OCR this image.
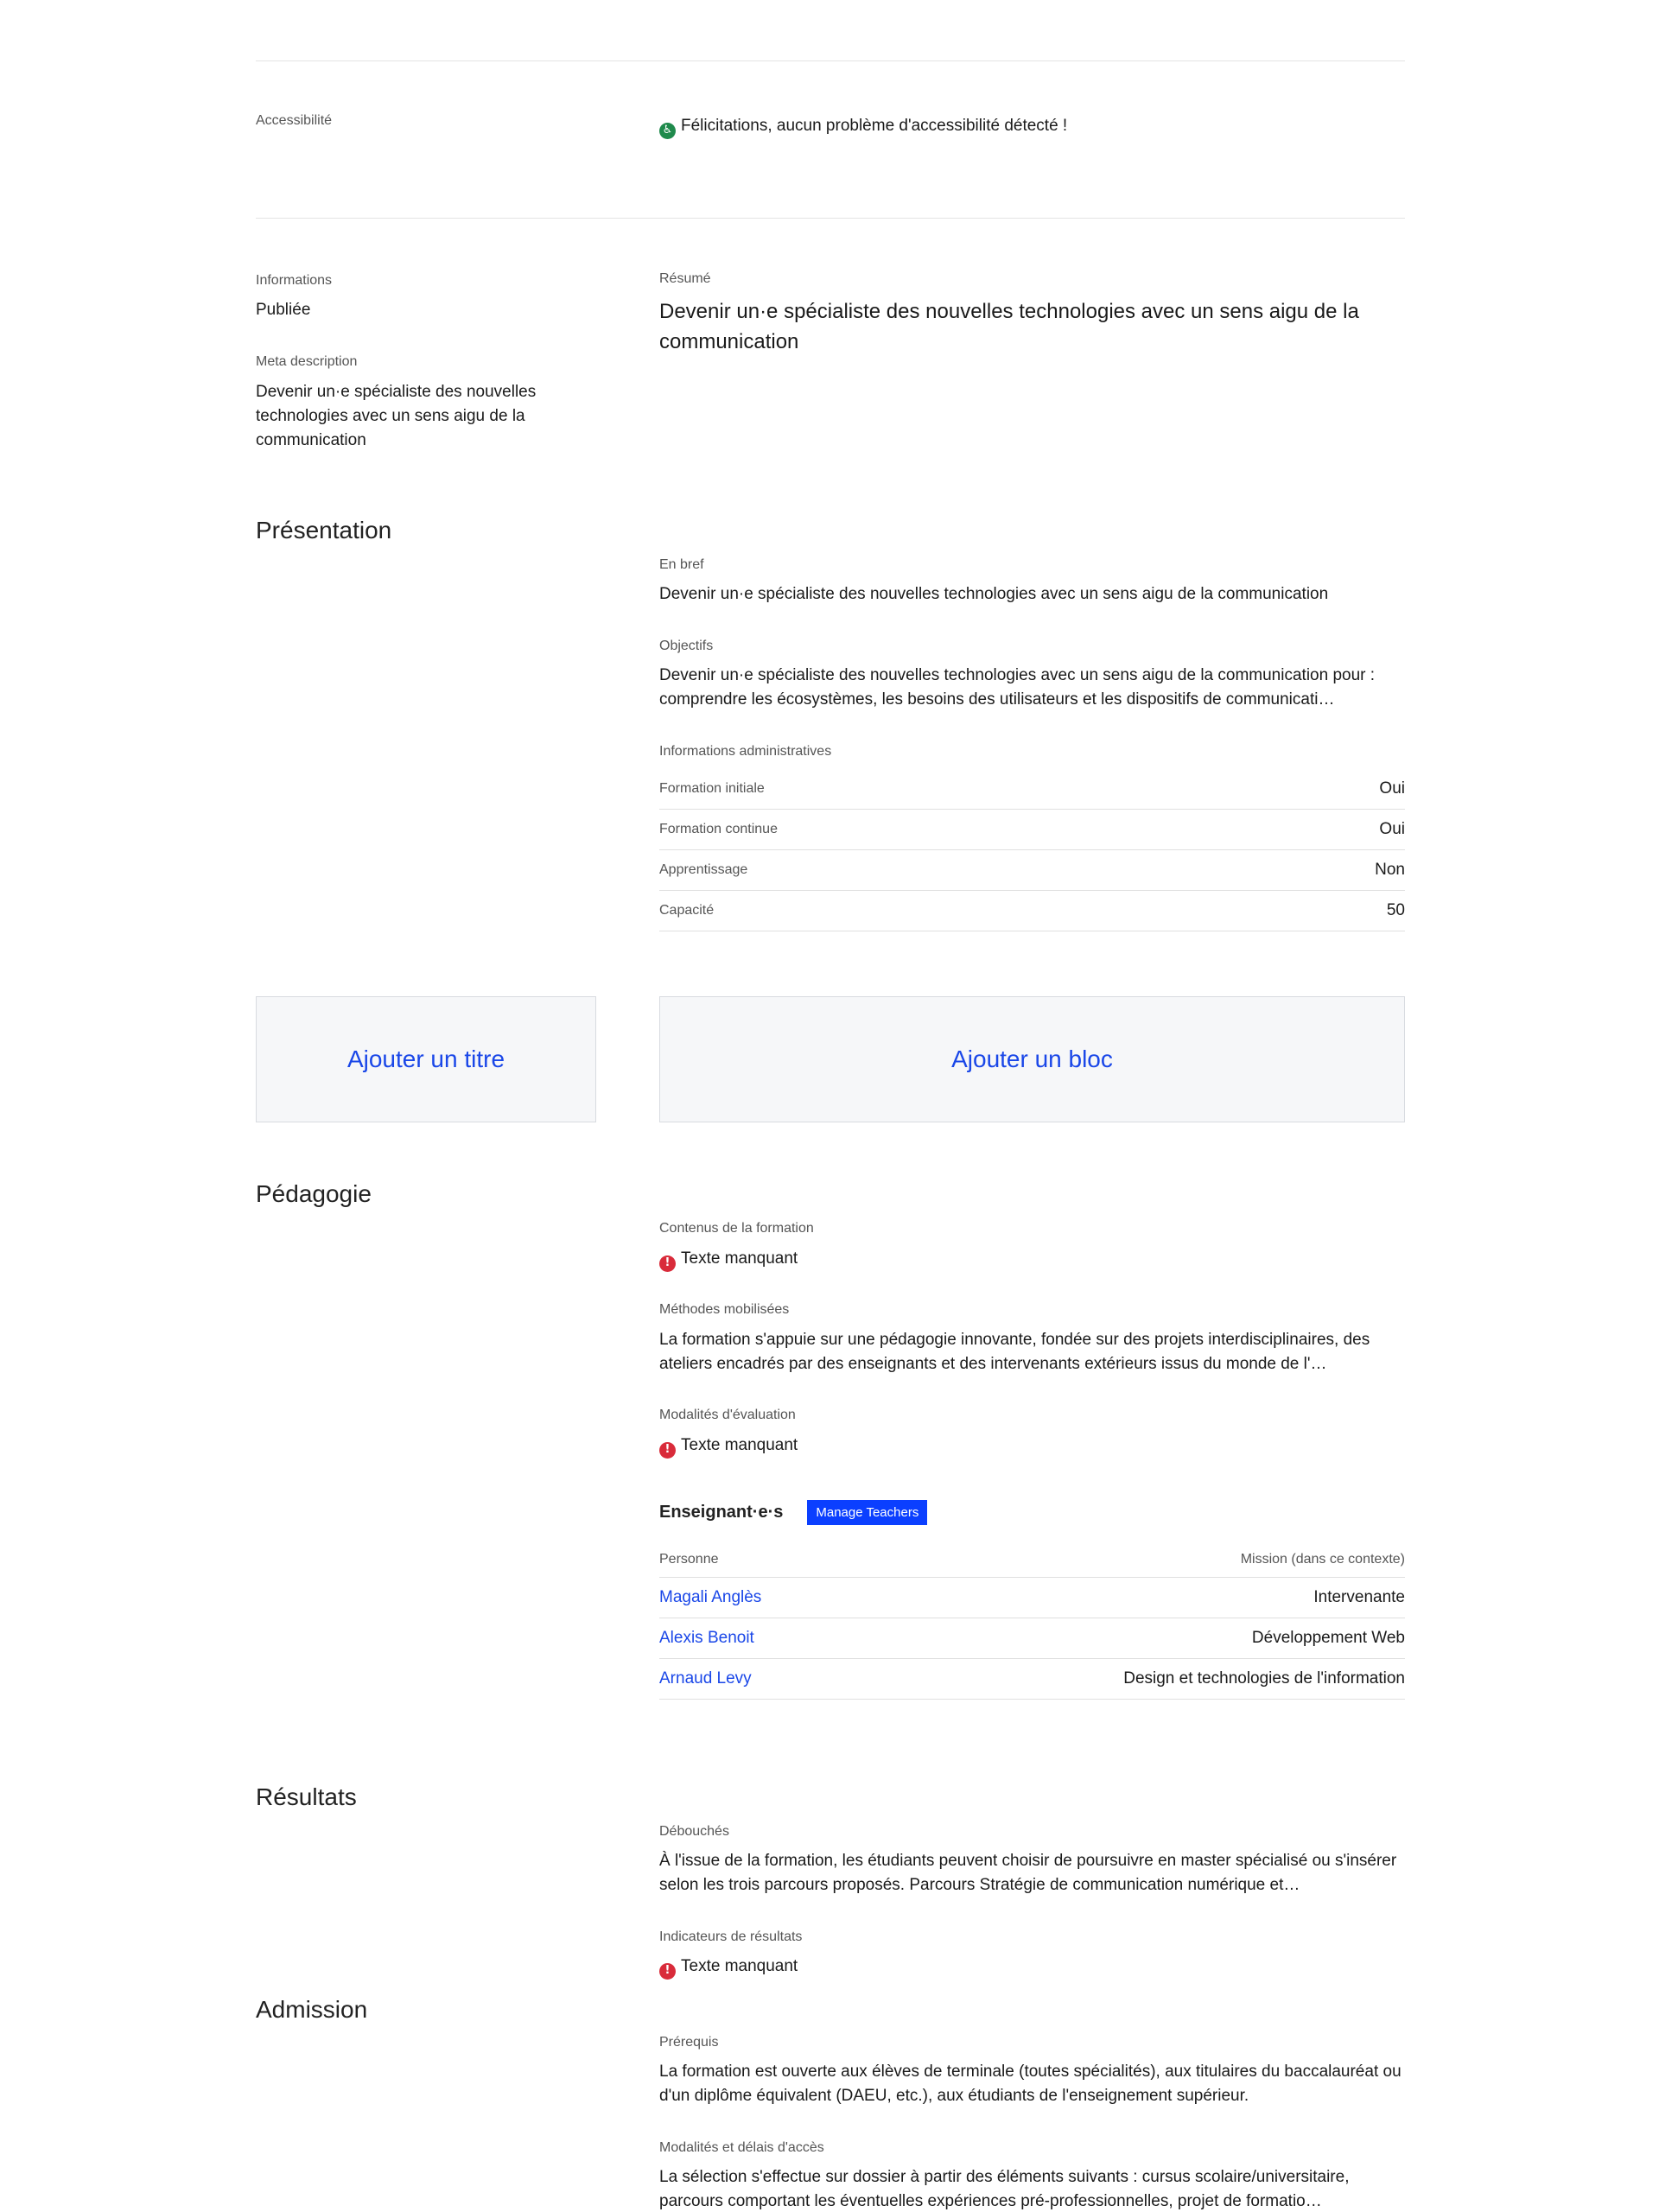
Accessibilité
♿ Félicitations, aucun problème d'accessibilité détecté !
Informations
Publiée
Meta description
Devenir un·e spécialiste des nouvelles technologies avec un sens aigu de la communication
Résumé
Devenir un·e spécialiste des nouvelles technologies avec un sens aigu de la communication
Présentation
En bref
Devenir un·e spécialiste des nouvelles technologies avec un sens aigu de la communication
Objectifs
Devenir un·e spécialiste des nouvelles technologies avec un sens aigu de la communication pour : comprendre les écosystèmes, les besoins des utilisateurs et les dispositifs de communicati…
Informations administratives
Formation initiale	Oui
Formation continue	Oui
Apprentissage	Non
Capacité	50
Ajouter un titre	Ajouter un bloc
Pédagogie
Contenus de la formation
! Texte manquant
Méthodes mobilisées
La formation s'appuie sur une pédagogie innovante, fondée sur des projets interdisciplinaires, des ateliers encadrés par des enseignants et des intervenants extérieurs issus du monde de l'…
Modalités d'évaluation
! Texte manquant
Enseignant·e·s	Manage Teachers
Personne	Mission (dans ce contexte)
Magali Anglès	Intervenante
Alexis Benoit	Développement Web
Arnaud Levy	Design et technologies de l'information
Résultats
Débouchés
À l'issue de la formation, les étudiants peuvent choisir de poursuivre en master spécialisé ou s'insérer selon les trois parcours proposés. Parcours Stratégie de communication numérique et…
Indicateurs de résultats
! Texte manquant
Admission
Prérequis
La formation est ouverte aux élèves de terminale (toutes spécialités), aux titulaires du baccalauréat ou d'un diplôme équivalent (DAEU, etc.), aux étudiants de l'enseignement supérieur.
Modalités et délais d'accès
La sélection s'effectue sur dossier à partir des éléments suivants : cursus scolaire/universitaire, parcours comportant les éventuelles expériences pré-professionnelles, projet de formatio…
